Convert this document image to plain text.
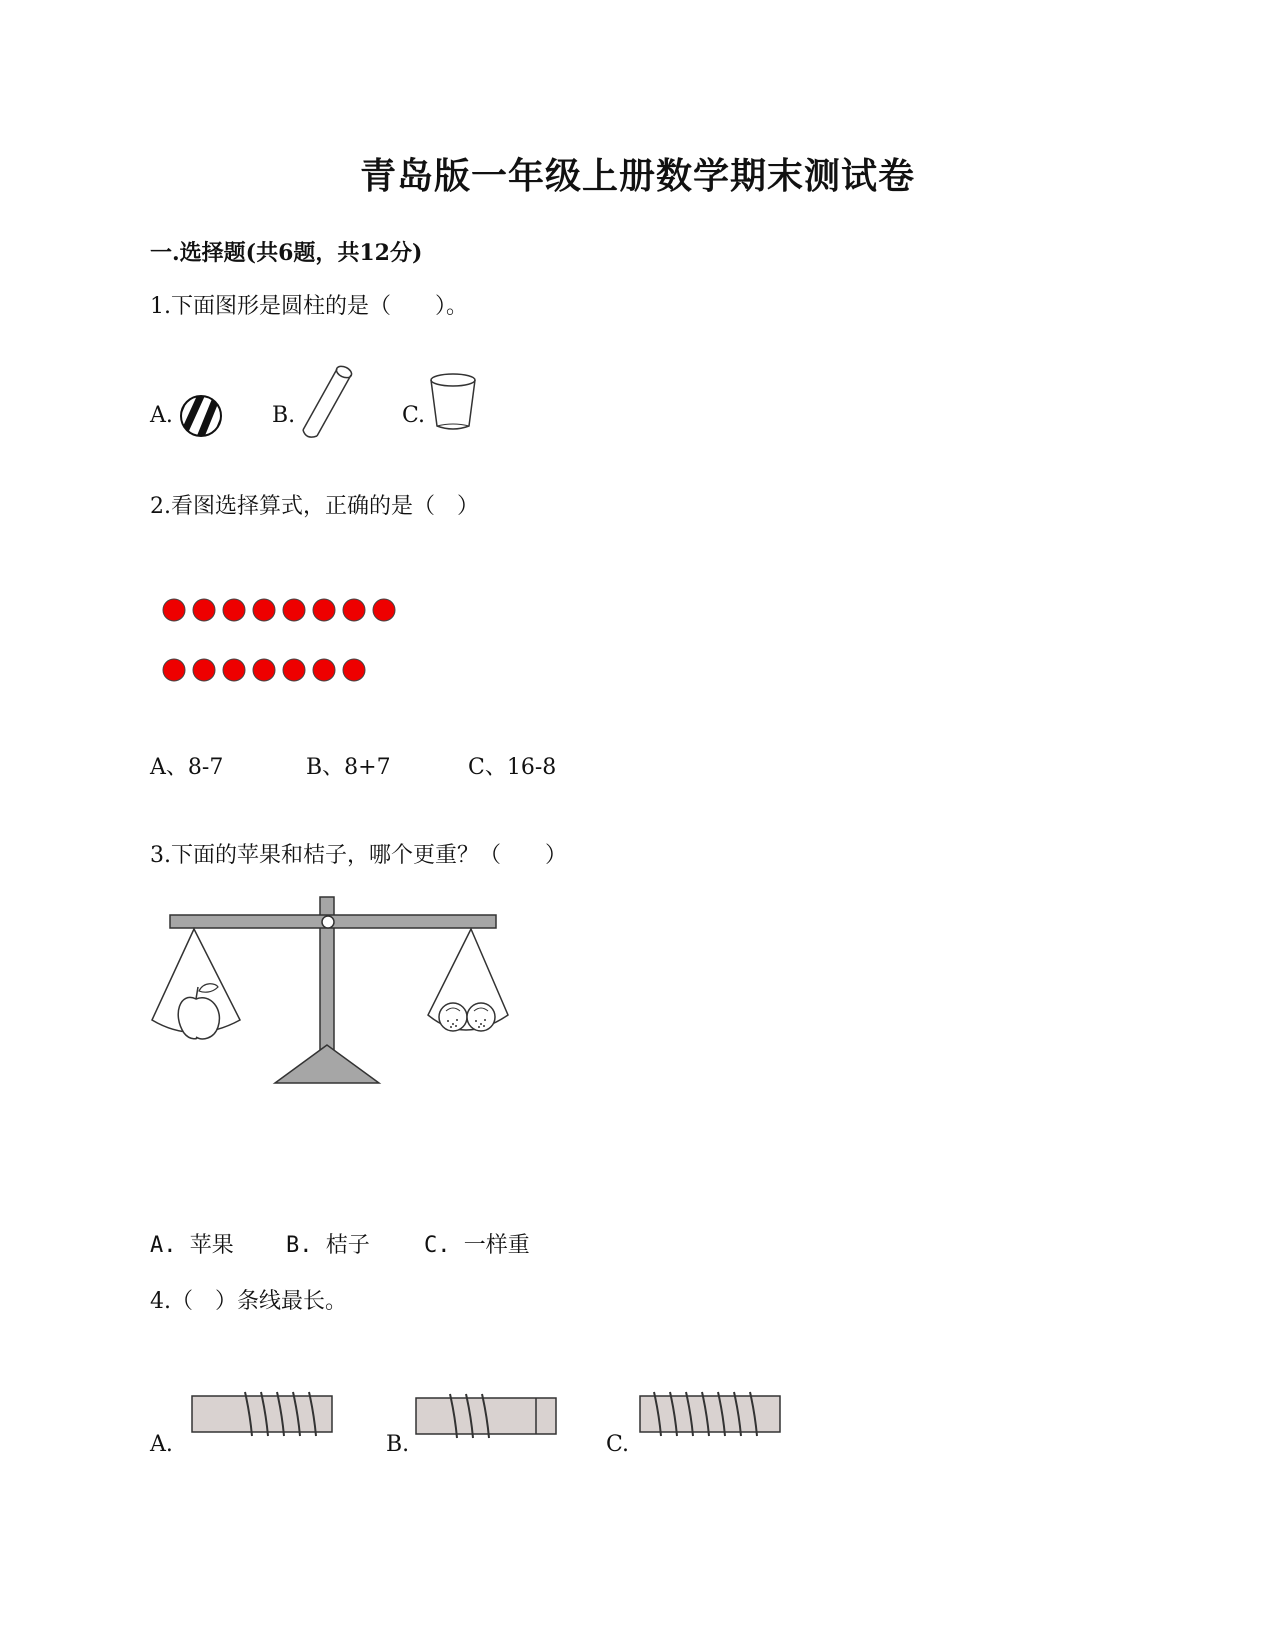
青岛版一年级上册数学期末测试卷
一.选择题(共6题，共12分)
1.下面图形是圆柱的是（　　）。
A.	B.	C.
2.看图选择算式，正确的是（　）
A、8-7	B、8+7	C、16-8
3.下面的苹果和桔子，哪个更重？（　　）
A. 苹果 B. 桔子 C. 一样重
4.（　）条线最长。
A.	B.	C.
